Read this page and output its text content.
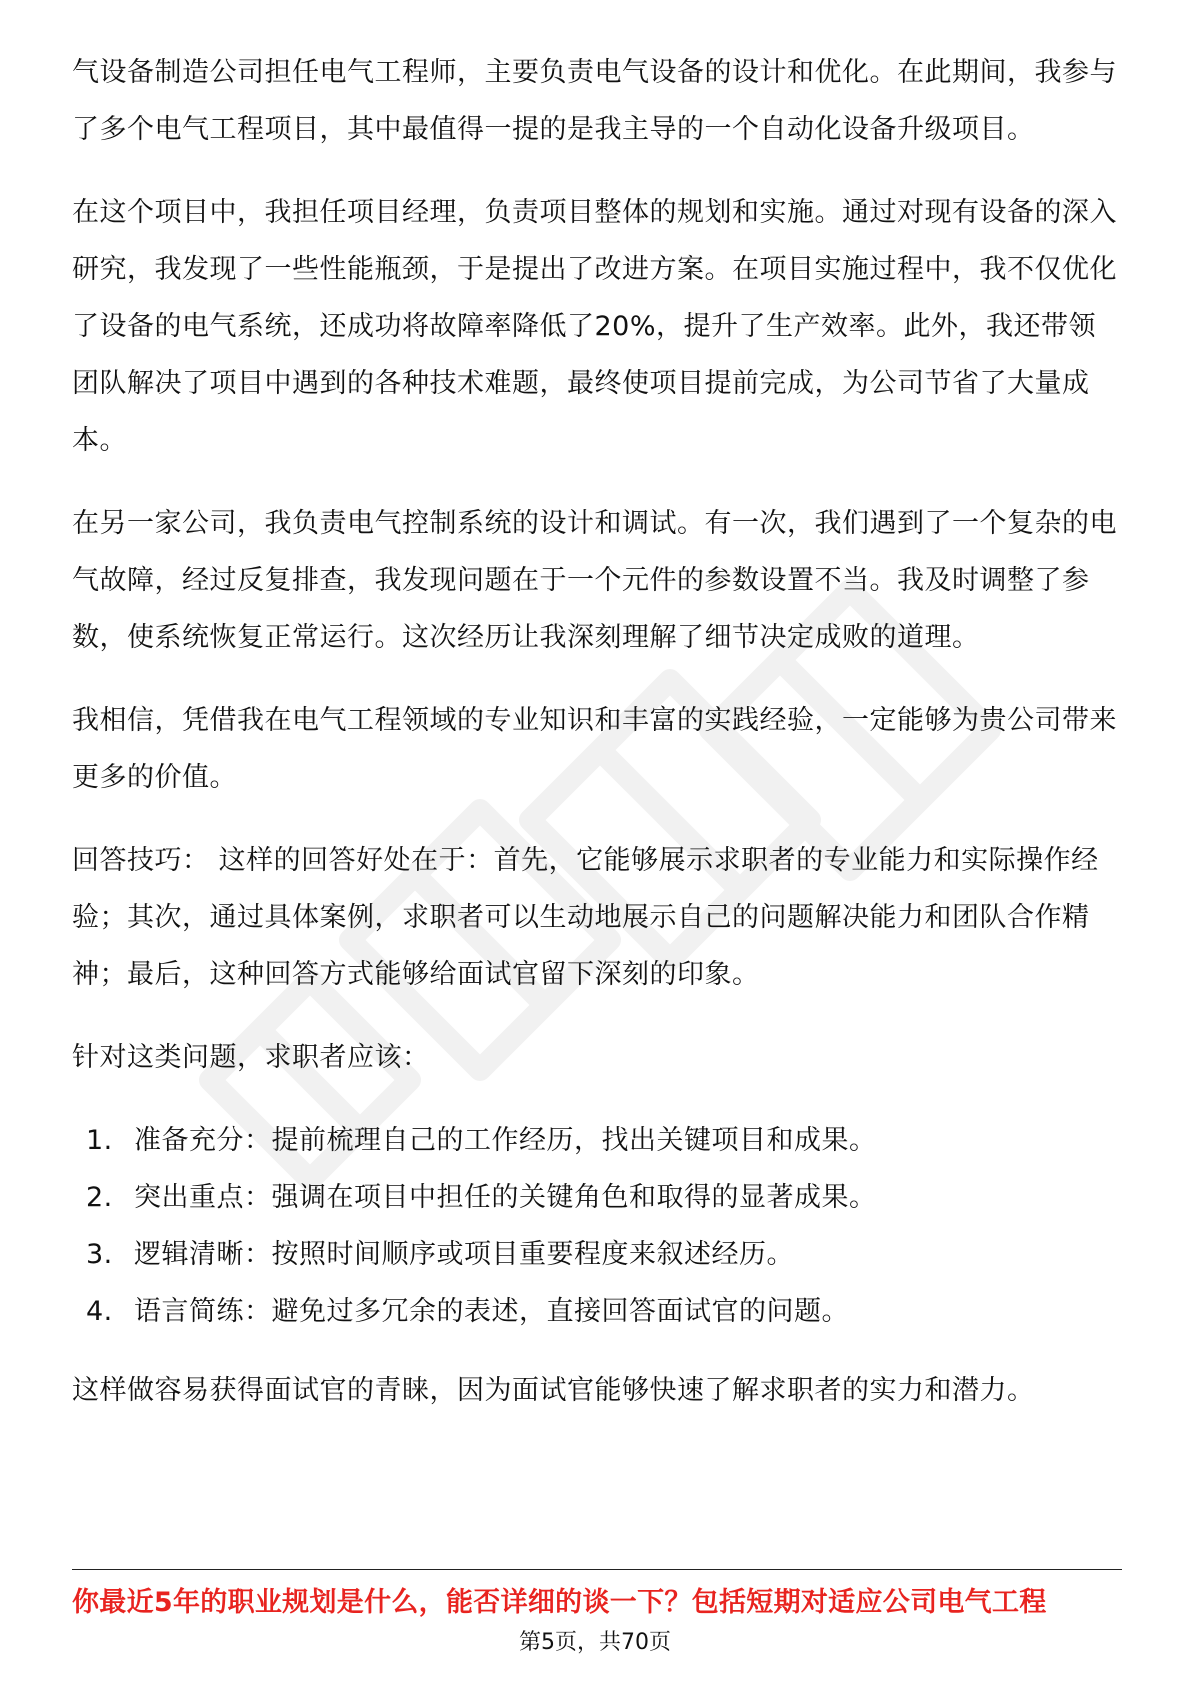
气设备制造公司担任电气工程师，主要负责电气设备的设计和优化。在此期间，我参与了多个电气工程项目，其中最值得一提的是我主导的一个自动化设备升级项目。

在这个项目中，我担任项目经理，负责项目整体的规划和实施。通过对现有设备的深入研究，我发现了一些性能瓶颈，于是提出了改进方案。在项目实施过程中，我不仅优化了设备的电气系统，还成功将故障率降低了20%，提升了生产效率。此外，我还带领团队解决了项目中遇到的各种技术难题，最终使项目提前完成，为公司节省了大量成本。

在另一家公司，我负责电气控制系统的设计和调试。有一次，我们遇到了一个复杂的电气故障，经过反复排查，我发现问题在于一个元件的参数设置不当。我及时调整了参数，使系统恢复正常运行。这次经历让我深刻理解了细节决定成败的道理。

我相信，凭借我在电气工程领域的专业知识和丰富的实践经验，一定能够为贵公司带来更多的价值。

回答技巧： 这样的回答好处在于：首先，它能够展示求职者的专业能力和实际操作经验；其次，通过具体案例，求职者可以生动地展示自己的问题解决能力和团队合作精神；最后，这种回答方式能够给面试官留下深刻的印象。

针对这类问题，求职者应该：

1. 准备充分：提前梳理自己的工作经历，找出关键项目和成果。
2. 突出重点：强调在项目中担任的关键角色和取得的显著成果。
3. 逻辑清晰：按照时间顺序或项目重要程度来叙述经历。
4. 语言简练：避免过多冗余的表述，直接回答面试官的问题。

这样做容易获得面试官的青睐，因为面试官能够快速了解求职者的实力和潜力。

你最近5年的职业规划是什么，能否详细的谈一下？包括短期对适应公司电气工程
第5页，共70页
